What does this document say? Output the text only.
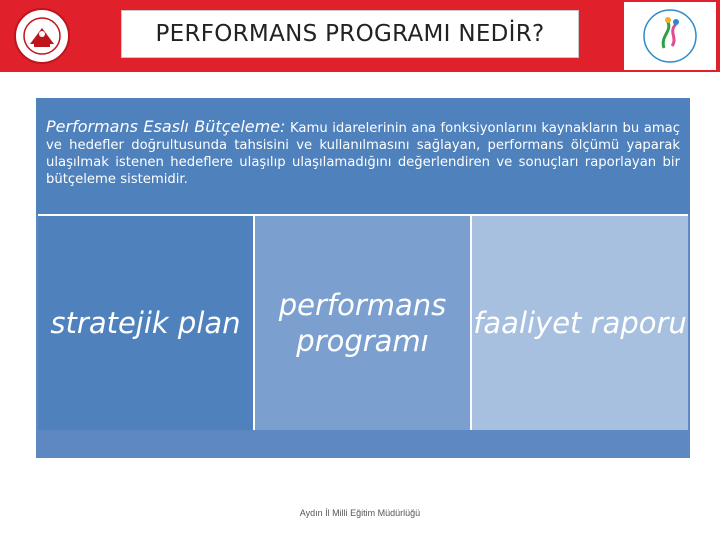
PERFORMANS PROGRAMI NEDİR?
Performans Esaslı Bütçeleme: Kamu idarelerinin ana fonksiyonlarını kaynakların bu amaç ve hedefler doğrultusunda tahsisini ve kullanılmasını sağlayan, performans ölçümü yaparak ulaşılmak istenen hedeflere ulaşılıp ulaşılamadığını değerlendiren ve sonuçları raporlayan bir bütçeleme sistemidir.
stratejik plan
performans programı
faaliyet raporu
Aydın İl Milli Eğitim Müdürlüğü
